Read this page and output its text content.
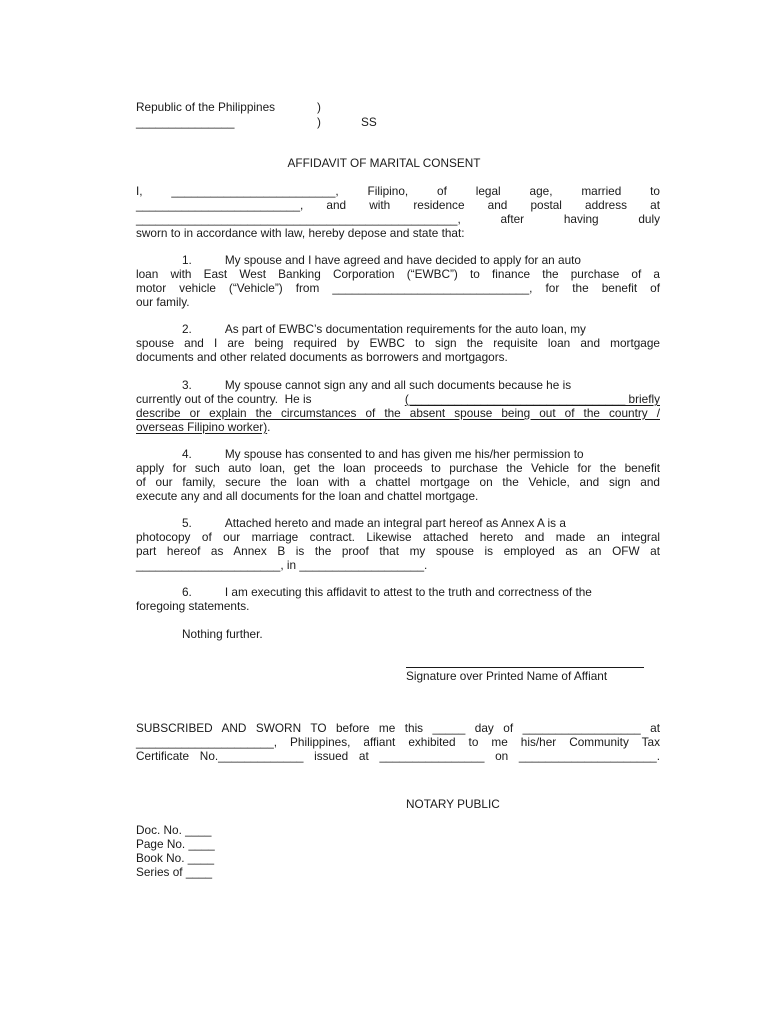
Republic of the Philippines	)
_______________	)	SS
AFFIDAVIT OF MARITAL CONSENT
I, _________________________, Filipino, of legal age, married to
_________________________, and with residence and postal address at
_________________________________________________, after having duly
sworn to in accordance with law, hereby depose and state that:
1.	My spouse and I have agreed and have decided to apply for an auto
loan with East West Banking Corporation (“EWBC”) to finance the purchase of a
motor vehicle (“Vehicle”) from ______________________________, for the benefit of
our family.
2.	As part of EWBC’s documentation requirements for the auto loan, my
spouse and I are being required by EWBC to sign the requisite loan and mortgage
documents and other related documents as borrowers and mortgagors.
3.	My spouse cannot sign any and all such documents because he is
currently out of the country.  He is	(_________________________________ briefly
describe or explain the circumstances of the absent spouse being out of the country /
overseas Filipino worker).
4.	My spouse has consented to and has given me his/her permission to
apply for such auto loan, get the loan proceeds to purchase the Vehicle for the benefit
of our family, secure the loan with a chattel mortgage on the Vehicle, and sign and
execute any and all documents for the loan and chattel mortgage.
5.	Attached hereto and made an integral part hereof as Annex A is a
photocopy of our marriage contract. Likewise attached hereto and made an integral
part hereof as Annex B is the proof that my spouse is employed as an OFW at
______________________, in ___________________.
6.	I am executing this affidavit to attest to the truth and correctness of the
foregoing statements.
Nothing further.
Signature over Printed Name of Affiant
SUBSCRIBED AND SWORN TO before me this _____ day of __________________ at
_____________________, Philippines, affiant exhibited to me his/her Community Tax
Certificate No._____________ issued at ________________ on _____________________.
NOTARY PUBLIC
Doc. No. ____
Page No. ____
Book No. ____
Series of ____
